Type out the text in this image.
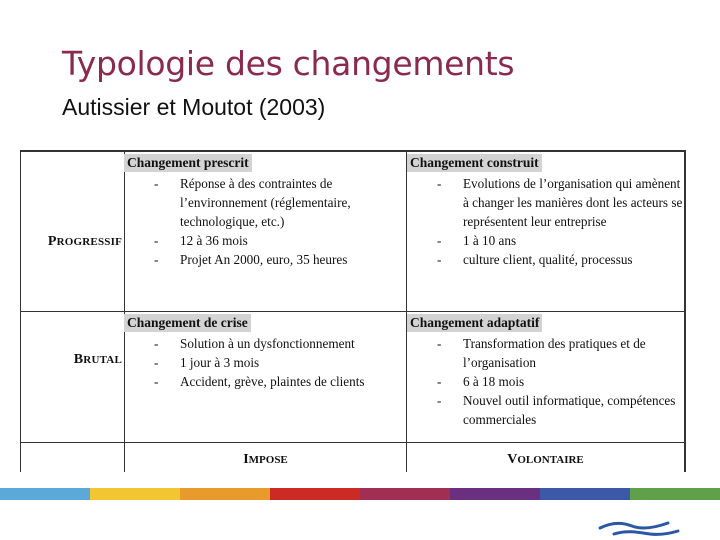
Typologie des changements
Autissier et Moutot (2003)
PROGRESSIF
BRUTAL
IMPOSE	VOLONTAIRE
Changement prescrit
- Réponse à des contraintes de l’environnement (réglementaire, technologique, etc.)
- 12 à 36 mois
- Projet An 2000, euro, 35 heures
Changement construit
- Evolutions de l’organisation qui amènent à changer les manières dont les acteurs se représentent leur entreprise
- 1 à 10 ans
- culture client, qualité, processus
Changement de crise
- Solution à un dysfonctionnement
- 1 jour à 3 mois
- Accident, grève, plaintes de clients
Changement adaptatif
- Transformation des pratiques et de l’organisation
- 6 à 18 mois
- Nouvel outil informatique, compétences commerciales
